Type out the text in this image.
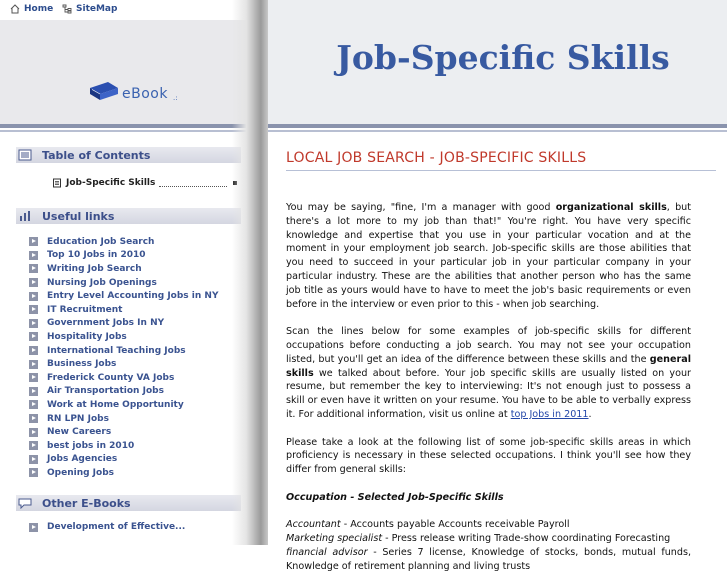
Home	SiteMap
eBook .:
Table of Contents
Job-Specific Skills
Useful links
Education Job Search
Top 10 Jobs in 2010
Writing Job Search
Nursing Job Openings
Entry Level Accounting Jobs in NY
IT Recruitment
Government Jobs In NY
Hospitality Jobs
International Teaching Jobs
Business Jobs
Frederick County VA Jobs
Air Transportation Jobs
Work at Home Opportunity
RN LPN Jobs
New Careers
best jobs in 2010
Jobs Agencies
Opening Jobs
Other E-Books
Development of Effective...
Job-Specific Skills
LOCAL JOB SEARCH - JOB-SPECIFIC SKILLS

You may be saying, "fine, I'm a manager with good organizational skills, but there's a lot more to my job than that!" You're right. You have very specific knowledge and expertise that you use in your particular vocation and at the moment in your employment job search. Job-specific skills are those abilities that you need to succeed in your particular job in your particular company in your particular industry. These are the abilities that another person who has the same job title as yours would have to have to meet the job's basic requirements or even before in the interview or even prior to this - when job searching.

Scan the lines below for some examples of job-specific skills for different occupations before conducting a job search. You may not see your occupation listed, but you'll get an idea of the difference between these skills and the general skills we talked about before. Your job specific skills are usually listed on your resume, but remember the key to interviewing: It's not enough just to possess a skill or even have it written on your resume. You have to be able to verbally express it. For additional information, visit us online at top Jobs in 2011.

Please take a look at the following list of some job-specific skills areas in which proficiency is necessary in these selected occupations. I think you'll see how they differ from general skills:

Occupation - Selected Job-Specific Skills

Accountant - Accounts payable Accounts receivable Payroll
Marketing specialist - Press release writing Trade-show coordinating Forecasting
financial advisor - Series 7 license, Knowledge of stocks, bonds, mutual funds, Knowledge of retirement planning and living trusts
